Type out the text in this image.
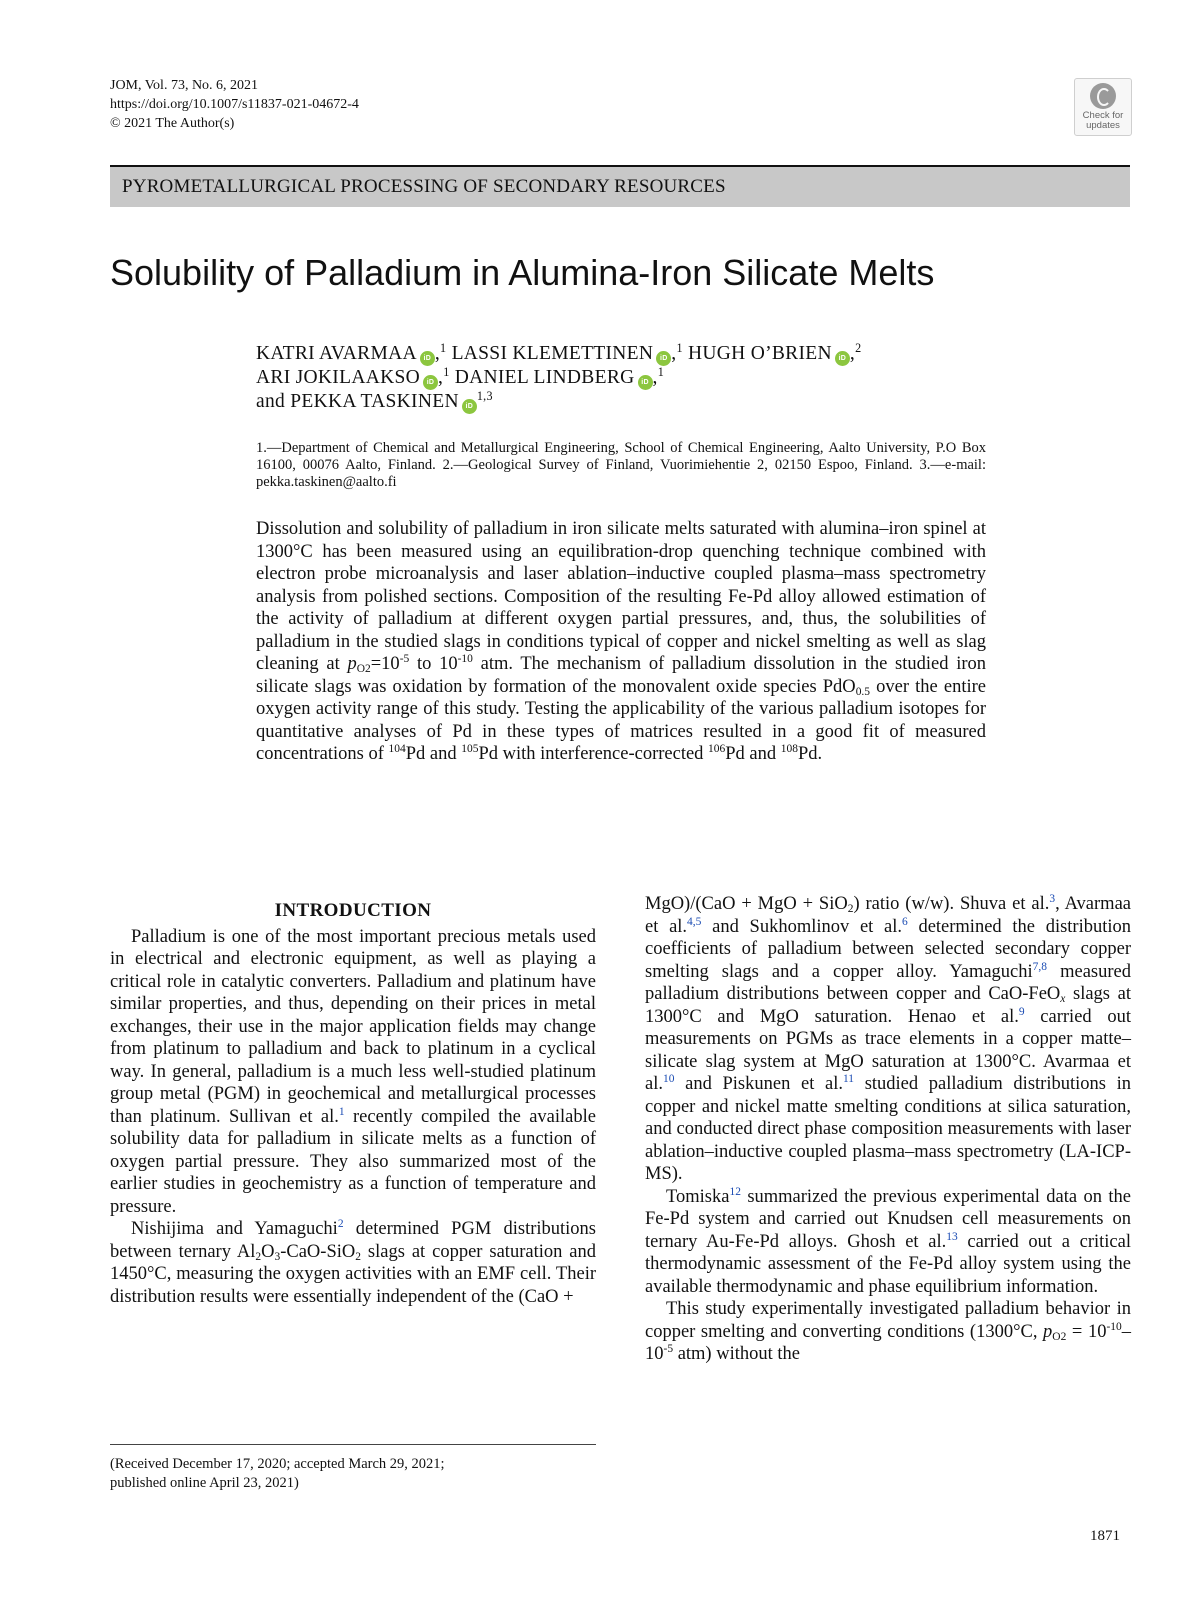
JOM, Vol. 73, No. 6, 2021
https://doi.org/10.1007/s11837-021-04672-4
© 2021 The Author(s)
Check for
updates
PYROMETALLURGICAL PROCESSING OF SECONDARY RESOURCES
Solubility of Palladium in Alumina-Iron Silicate Melts
KATRI AVARMAA iD ,$^1$ LASSI KLEMETTINEN iD ,$^1$ HUGH O’BRIEN iD ,$^2$
ARI JOKILAAKSO iD ,$^1$ DANIEL LINDBERG iD ,$^1$
and PEKKA TASKINEN iD$^{1,3}$
1.—Department of Chemical and Metallurgical Engineering, School of Chemical Engineering, Aalto University, P.O Box 16100, 00076 Aalto, Finland. 2.—Geological Survey of Finland, Vuorimiehentie 2, 02150 Espoo, Finland. 3.—e-mail: pekka.taskinen@aalto.fi
Dissolution and solubility of palladium in iron silicate melts saturated with alumina–iron spinel at 1300°C has been measured using an equilibration-drop quenching technique combined with electron probe microanalysis and laser ablation–inductive coupled plasma–mass spectrometry analysis from polished sections. Composition of the resulting Fe-Pd alloy allowed estimation of the activity of palladium at different oxygen partial pressures, and, thus, the solubilities of palladium in the studied slags in conditions typical of copper and nickel smelting as well as slag cleaning at $p_{O2}=10^{-5}$ to $10^{-10}$ atm. The mechanism of palladium dissolution in the studied iron silicate slags was oxidation by formation of the monovalent oxide species PdO$_{0.5}$ over the entire oxygen activity range of this study. Testing the applicability of the various palladium isotopes for quantitative analyses of Pd in these types of matrices resulted in a good fit of measured concentrations of $^{104}$Pd and $^{105}$Pd with interference-corrected $^{106}$Pd and $^{108}$Pd.
INTRODUCTION

Palladium is one of the most important precious metals used in electrical and electronic equipment, as well as playing a critical role in catalytic converters. Palladium and platinum have similar properties, and thus, depending on their prices in metal exchanges, their use in the major application fields may change from platinum to palladium and back to platinum in a cyclical way. In general, palladium is a much less well-studied platinum group metal (PGM) in geochemical and metallurgical processes than platinum. Sullivan et al.$^1$ recently compiled the available solubility data for palladium in silicate melts as a function of oxygen partial pressure. They also summarized most of the earlier studies in geochemistry as a function of temperature and pressure.

Nishijima and Yamaguchi$^2$ determined PGM distributions between ternary $Al_2O_3-CaO-SiO_2$ slags at copper saturation and 1450°C, measuring the oxygen activities with an EMF cell. Their distribution results were essentially independent of the (CaO +

MgO)/(CaO + MgO + SiO$_2$) ratio (w/w). Shuva et al.$^3$, Avarmaa et al.$^{4,5}$ and Sukhomlinov et al.$^6$ determined the distribution coefficients of palladium between selected secondary copper smelting slags and a copper alloy. Yamaguchi$^{7,8}$ measured palladium distributions between copper and CaO-FeO$_x$ slags at 1300°C and MgO saturation. Henao et al.$^9$ carried out measurements on PGMs as trace elements in a copper matte–silicate slag system at MgO saturation at 1300°C. Avarmaa et al.$^{10}$ and Piskunen et al.$^{11}$ studied palladium distributions in copper and nickel matte smelting conditions at silica saturation, and conducted direct phase composition measurements with laser ablation–inductive coupled plasma–mass spectrometry (LA-ICP-MS).

Tomiska$^{12}$ summarized the previous experimental data on the Fe-Pd system and carried out Knudsen cell measurements on ternary Au-Fe-Pd alloys. Ghosh et al.$^{13}$ carried out a critical thermodynamic assessment of the Fe-Pd alloy system using the available thermodynamic and phase equilibrium information.

This study experimentally investigated palladium behavior in copper smelting and converting conditions (1300°C, $p_{O2} = 10^{-10}-10^{-5}$ atm) without the

(Received December 17, 2020; accepted March 29, 2021;
published online April 23, 2021)
1871
